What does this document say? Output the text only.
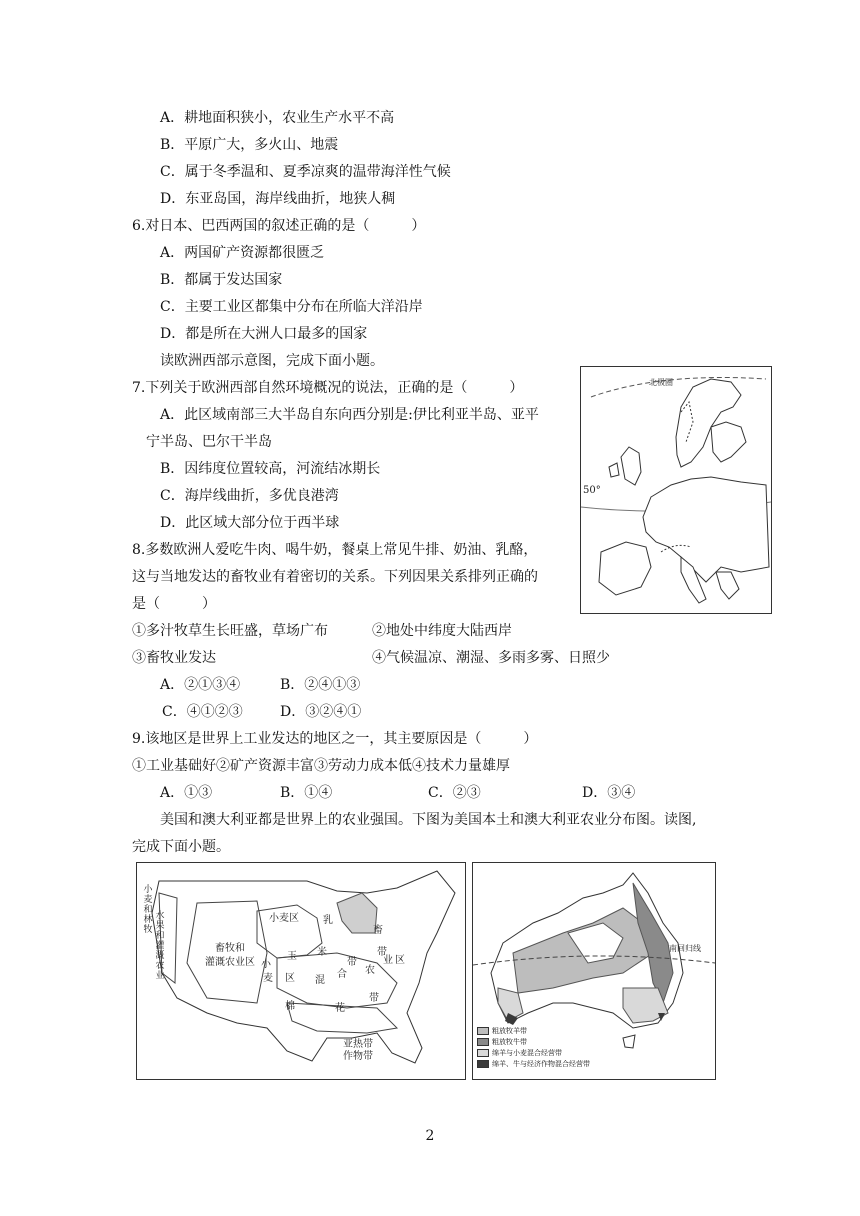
A．耕地面积狭小，农业生产水平不高
B．平原广大，多火山、地震
C．属于冬季温和、夏季凉爽的温带海洋性气候
D．东亚岛国，海岸线曲折，地狭人稠
6.对日本、巴西两国的叙述正确的是（　　　）
A．两国矿产资源都很匮乏
B．都属于发达国家
C．主要工业区都集中分布在所临大洋沿岸
D．都是所在大洲人口最多的国家
读欧洲西部示意图，完成下面小题。
7.下列关于欧洲西部自然环境概况的说法，正确的是（　　　）
A．此区域南部三大半岛自东向西分别是:伊比利亚半岛、亚平
宁半岛、巴尔干半岛
B．因纬度位置较高，河流结冰期长
C．海岸线曲折，多优良港湾
D．此区域大部分位于西半球
8.多数欧洲人爱吃牛肉、喝牛奶，餐桌上常见牛排、奶油、乳酪，
这与当地发达的畜牧业有着密切的关系。下列因果关系排列正确的
是（　　　）
①多汁牧草生长旺盛，草场广布	②地处中纬度大陆西岸
③畜牧业发达	④气候温凉、潮湿、多雨多雾、日照少
A．②①③④	B．②④①③
C．④①②③	D．③②④①
9.该地区是世界上工业发达的地区之一，其主要原因是（　　　）
①工业基础好②矿产资源丰富③劳动力成本低④技术力量雄厚
A．①③	B．①④	C．②③	D．③④
美国和澳大利亚都是世界上的农业强国。下图为美国本土和澳大利亚农业分布图。读图,
完成下面小题。
北极圈
50°
小麦区 乳
畜
带
畜牧和
灌溉农业区
玉 米
带
小
麦 区 混
合 农
业 区
棉	花
带
亚热带
作物带
小麦和林牧
水果和灌溉农业
南回归线
粗放牧羊带
粗放牧牛带
绵羊与小麦混合经营带
绵羊、牛与经济作物混合经营带
2
